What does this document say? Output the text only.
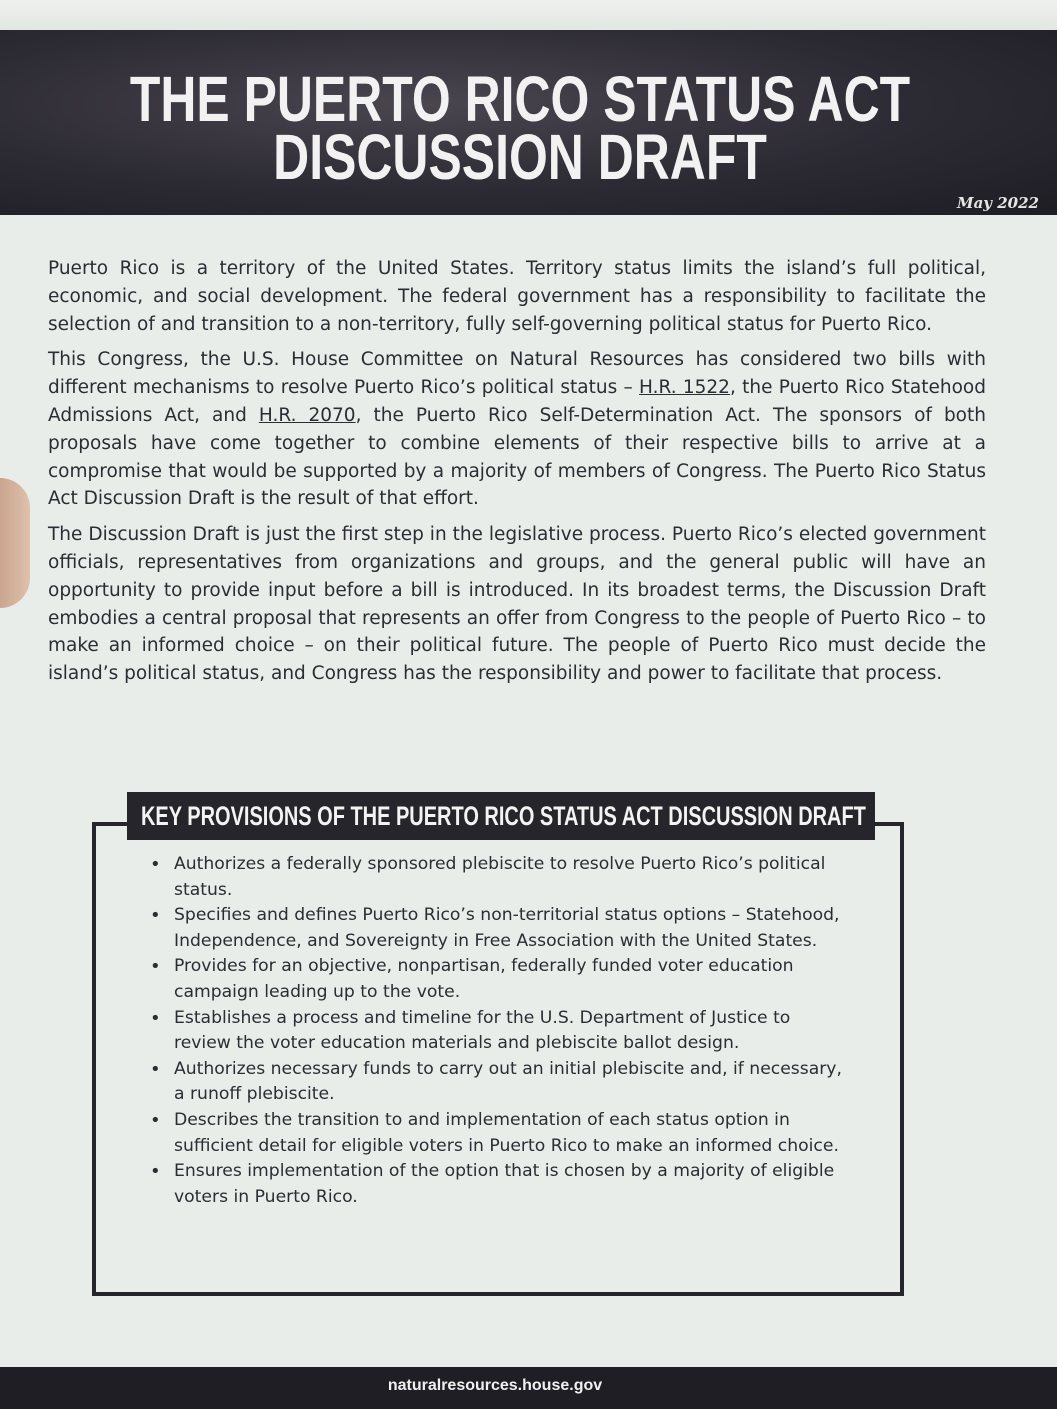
THE PUERTO RICO STATUS ACT
DISCUSSION DRAFT
May 2022

Puerto Rico is a territory of the United States. Territory status limits the island’s full political, economic, and social development. The federal government has a responsibility to facilitate the selection of and transition to a non-territory, fully self-governing political status for Puerto Rico.

This Congress, the U.S. House Committee on Natural Resources has considered two bills with different mechanisms to resolve Puerto Rico’s political status – H.R. 1522, the Puerto Rico Statehood Admissions Act, and H.R. 2070, the Puerto Rico Self-Determination Act. The sponsors of both proposals have come together to combine elements of their respective bills to arrive at a compromise that would be supported by a majority of members of Congress. The Puerto Rico Status Act Discussion Draft is the result of that effort.

The Discussion Draft is just the first step in the legislative process. Puerto Rico’s elected government officials, representatives from organizations and groups, and the general public will have an opportunity to provide input before a bill is introduced. In its broadest terms, the Discussion Draft embodies a central proposal that represents an offer from Congress to the people of Puerto Rico – to make an informed choice – on their political future. The people of Puerto Rico must decide the island’s political status, and Congress has the responsibility and power to facilitate that process.

KEY PROVISIONS OF THE PUERTO RICO STATUS ACT DISCUSSION DRAFT
• Authorizes a federally sponsored plebiscite to resolve Puerto Rico’s political status.
• Specifies and defines Puerto Rico’s non-territorial status options – Statehood, Independence, and Sovereignty in Free Association with the United States.
• Provides for an objective, nonpartisan, federally funded voter education campaign leading up to the vote.
• Establishes a process and timeline for the U.S. Department of Justice to review the voter education materials and plebiscite ballot design.
• Authorizes necessary funds to carry out an initial plebiscite and, if necessary, a runoff plebiscite.
• Describes the transition to and implementation of each status option in sufficient detail for eligible voters in Puerto Rico to make an informed choice.
• Ensures implementation of the option that is chosen by a majority of eligible voters in Puerto Rico.
naturalresources.house.gov
